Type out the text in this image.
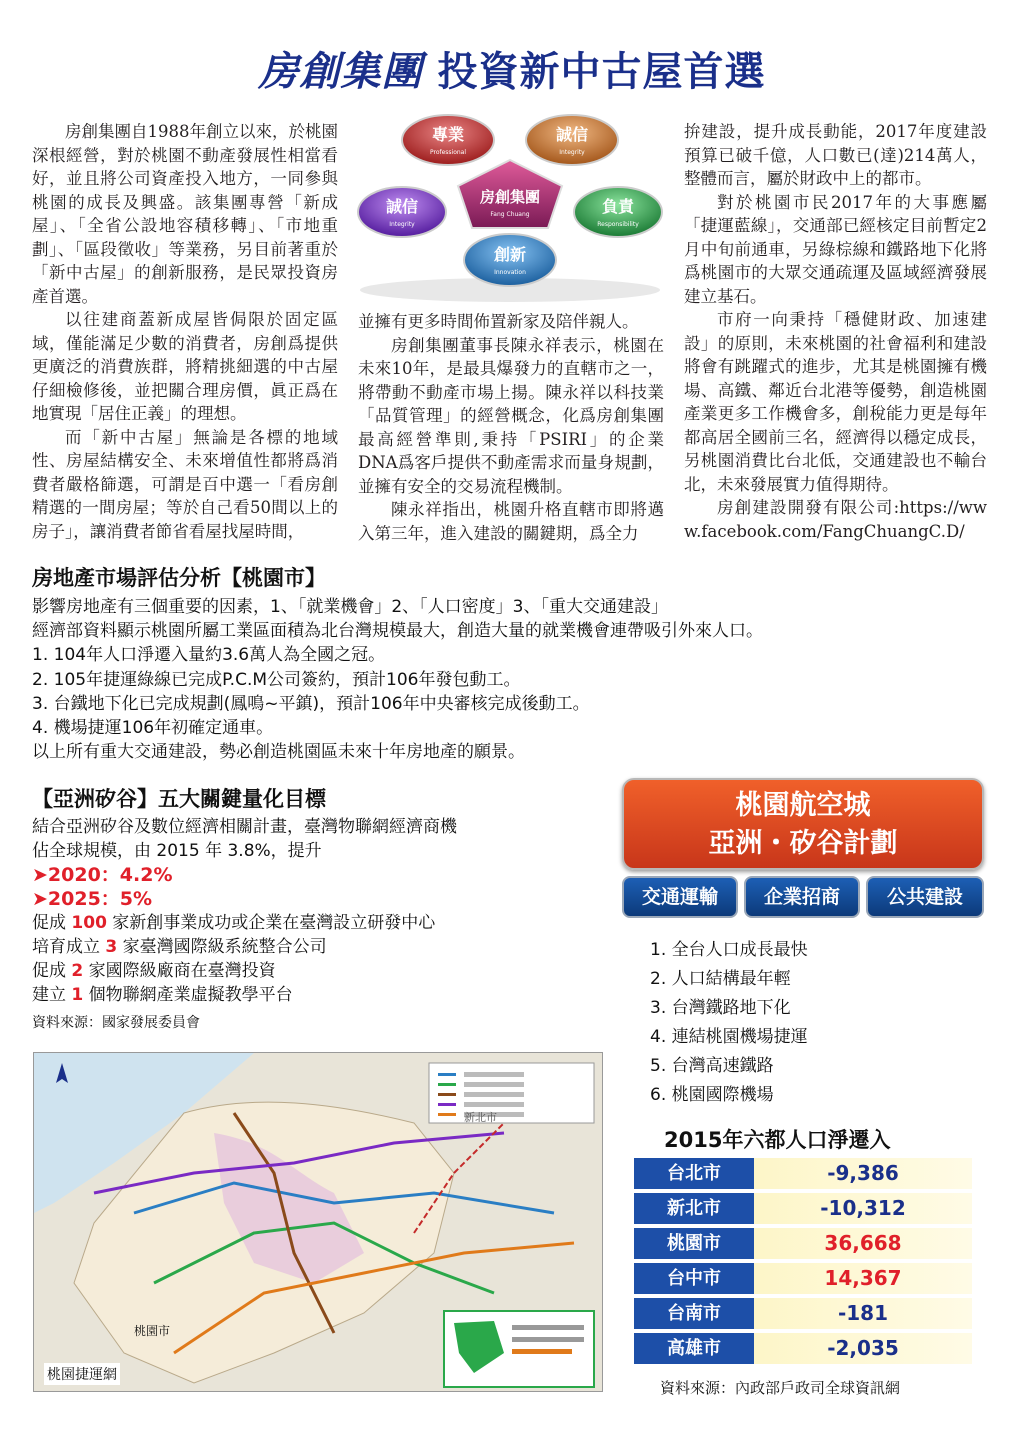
房創集團 投資新中古屋首選

房創集團自1988年創立以來，於桃園深根經營，對於桃園不動產發展性相當看好，並且將公司資產投入地方，一同參與桃園的成長及興盛。該集團專營「新成屋」、「全省公設地容積移轉」、「市地重劃」、「區段徵收」等業務，另目前著重於「新中古屋」的創新服務，是民眾投資房產首選。

以往建商蓋新成屋皆侷限於固定區域，僅能滿足少數的消費者，房創爲提供更廣泛的消費族群，將精挑細選的中古屋仔細檢修後，並把關合理房價，眞正爲在地實現「居住正義」的理想。

而「新中古屋」無論是各標的地域性、房屋結構安全、未來增值性都將爲消費者嚴格篩選，可謂是百中選一「看房創精選的一間房屋；等於自己看50間以上的房子」，讓消費者節省看屋找屋時間，

專業
Professional
誠信
Integrity
誠信
Integrity
負責
Responsibility
創新
Innovation
房創集團
Fang Chuang

並擁有更多時間佈置新家及陪伴親人。

房創集團董事長陳永祥表示，桃園在未來10年，是最具爆發力的直轄市之一，將帶動不動產市場上揚。陳永祥以科技業「品質管理」的經營概念，化爲房創集團最高經營準則,秉持「PSIRI」的企業DNA爲客戶提供不動產需求而量身規劃，並擁有安全的交易流程機制。

陳永祥指出，桃園升格直轄市即將邁入第三年，進入建設的關鍵期，爲全力

拚建設，提升成長動能，2017年度建設預算已破千億，人口數已(達)214萬人，整體而言，屬於財政中上的都市。

對於桃園市民2017年的大事應屬「捷運藍線」，交通部已經核定目前暫定2月中旬前通車，另綠棕線和鐵路地下化將爲桃園市的大眾交通疏運及區域經濟發展建立基石。

市府一向秉持「穩健財政、加速建設」的原則，未來桃園的社會福利和建設將會有跳躍式的進步，尤其是桃園擁有機場、高鐵、鄰近台北港等優勢，創造桃園產業更多工作機會多，創稅能力更是每年都高居全國前三名，經濟得以穩定成長，另桃園消費比台北低，交通建設也不輸台北，未來發展實力值得期待。

房創建設開發有限公司:https://www.facebook.com/FangChuangC.D/

房地產市場評估分析【桃園市】
影響房地產有三個重要的因素，1、「就業機會」2、「人口密度」3、「重大交通建設」
經濟部資料顯示桃園所屬工業區面積為北台灣規模最大，創造大量的就業機會連帶吸引外來人口。
1. 104年人口淨遷入量約3.6萬人為全國之冠。
2. 105年捷運綠線已完成P.C.M公司簽約，預計106年發包動工。
3. 台鐵地下化已完成規劃(鳳鳴~平鎮)，預計106年中央審核完成後動工。
4. 機場捷運106年初確定通車。
以上所有重大交通建設，勢必創造桃園區未來十年房地產的願景。
【亞洲矽谷】五大關鍵量化目標
結合亞洲矽谷及數位經濟相關計畫，臺灣物聯網經濟商機
佔全球規模，由 2015 年 3.8%，提升
➤2020：4.2%
➤2025：5%
促成 100 家新創事業成功或企業在臺灣設立研發中心
培育成立 3 家臺灣國際級系統整合公司
促成 2 家國際級廠商在臺灣投資
建立 1 個物聯網產業虛擬教學平台
資料來源：國家發展委員會
新北市
桃園市
桃園捷運網
桃園航空城
亞洲・矽谷計劃
交通運輸	企業招商	公共建設
1. 全台人口成長最快
2. 人口結構最年輕
3. 台灣鐵路地下化
4. 連結桃園機場捷運
5. 台灣高速鐵路
6. 桃園國際機場
2015年六都人口淨遷入
台北市	-9,386
新北市	-10,312
桃園市	36,668
台中市	14,367
台南市	-181
高雄市	-2,035
資料來源：內政部戶政司全球資訊網
